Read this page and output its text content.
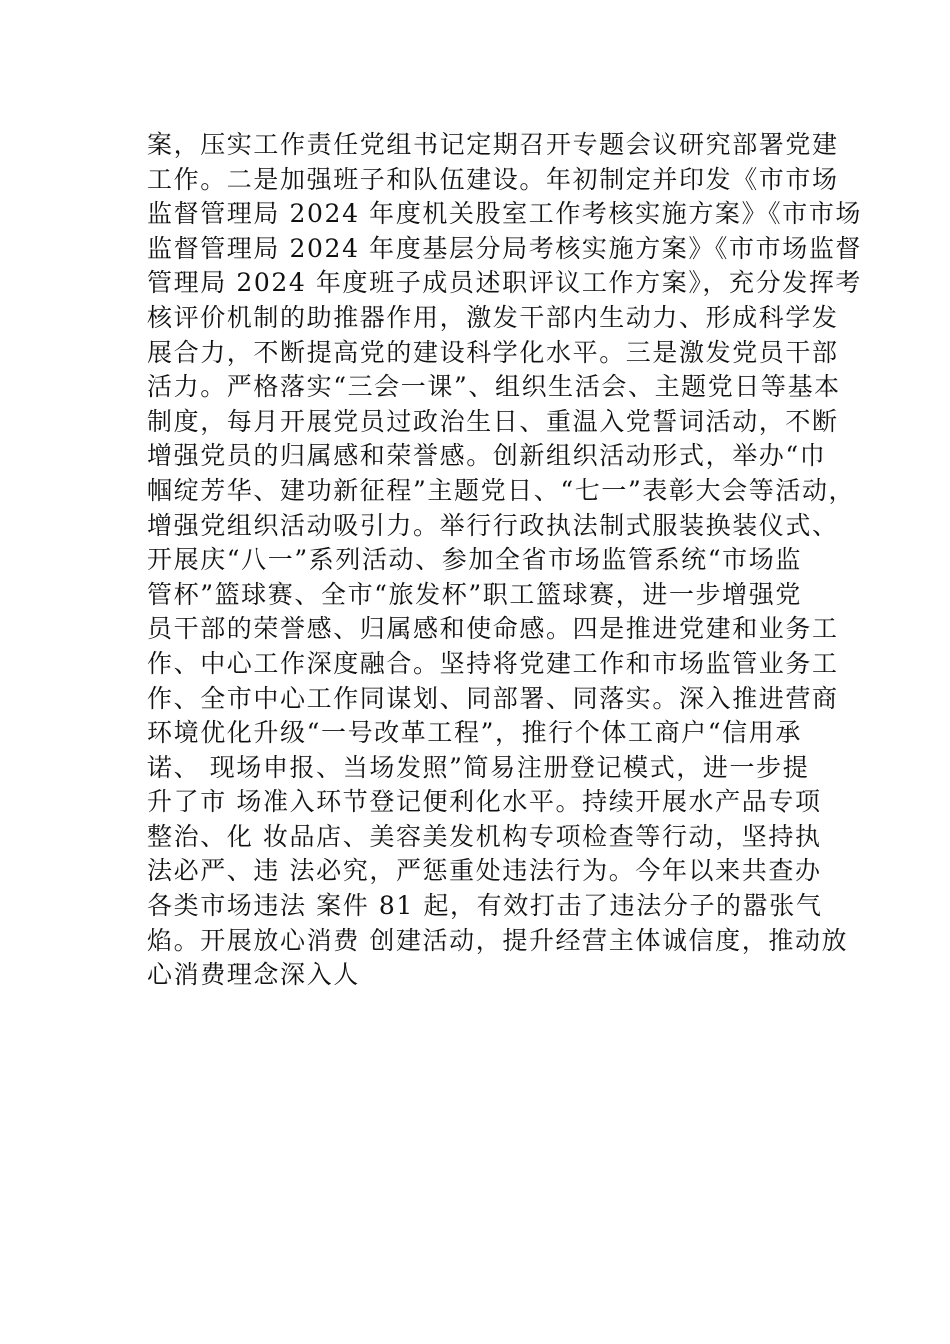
案，压实工作责任党组书记定期召开专题会议研究部署党建
工作。二是加强班子和队伍建设。年初制定并印发《市市场
监督管理局 2024 年度机关股室工作考核实施方案》《市市场
监督管理局 2024 年度基层分局考核实施方案》《市市场监督
管理局 2024 年度班子成员述职评议工作方案》，充分发挥考
核评价机制的助推器作用，激发干部内生动力、形成科学发
展合力，不断提高党的建设科学化水平。三是激发党员干部
活力。严格落实“三会一课”、组织生活会、主题党日等基本
制度，每月开展党员过政治生日、重温入党誓词活动，不断
增强党员的归属感和荣誉感。创新组织活动形式，举办“巾
帼绽芳华、建功新征程”主题党日、“七一”表彰大会等活动，
增强党组织活动吸引力。举行行政执法制式服装换装仪式、
开展庆“八一”系列活动、参加全省市场监管系统“市场监
管杯”篮球赛、全市“旅发杯”职工篮球赛，进一步增强党
员干部的荣誉感、归属感和使命感。四是推进党建和业务工
作、中心工作深度融合。坚持将党建工作和市场监管业务工
作、全市中心工作同谋划、同部署、同落实。深入推进营商
环境优化升级“一号改革工程”，推行个体工商户“信用承
诺、 现场申报、当场发照”简易注册登记模式，进一步提
升了市 场准入环节登记便利化水平。持续开展水产品专项
整治、化 妆品店、美容美发机构专项检查等行动，坚持执
法必严、违 法必究，严惩重处违法行为。今年以来共查办
各类市场违法 案件 81 起，有效打击了违法分子的嚣张气
焰。开展放心消费 创建活动，提升经营主体诚信度，推动放
心消费理念深入人
